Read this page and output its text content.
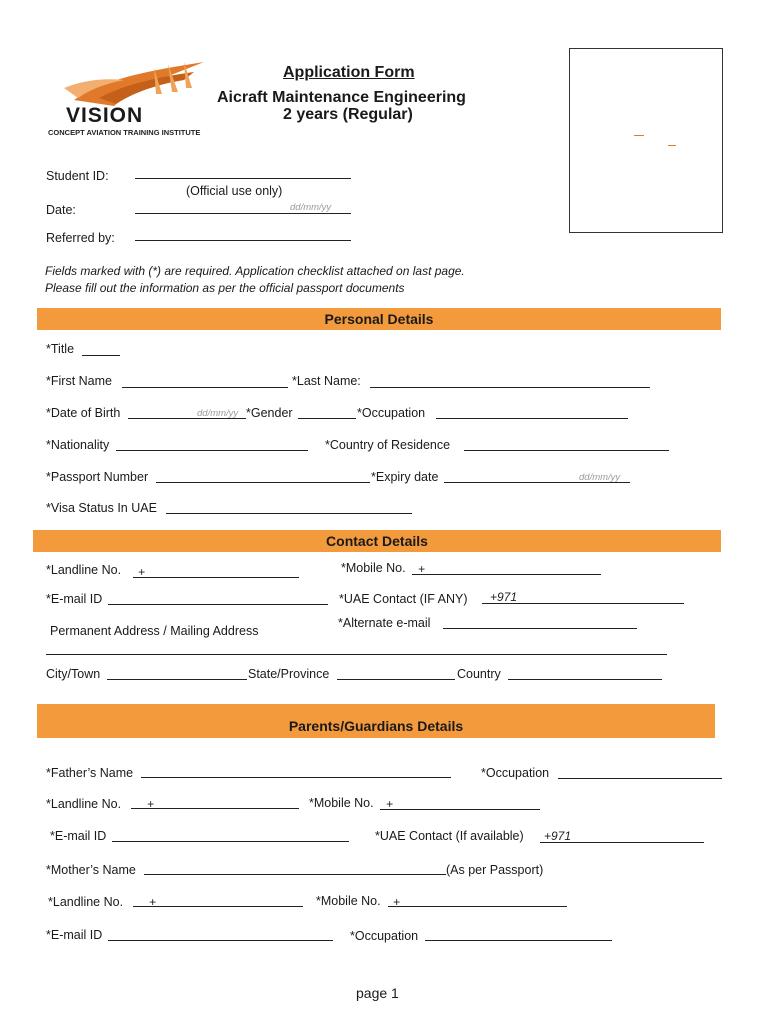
VISION
CONCEPT AVIATION TRAINING INSTITUTE
Application Form
Aicraft Maintenance Engineering
2 years (Regular)
Student ID:
(Official use only)
Date:	dd/mm/yy
Referred by:
Fields marked with (*) are required. Application checklist attached on last page.
Please fill out the information as per the official passport documents
Personal Details
*Title
*First Name	*Last Name:
*Date of Birth	dd/mm/yy *Gender	*Occupation
*Nationality	*Country of Residence
*Passport Number	*Expiry date	dd/mm/yy
*Visa Status In UAE
Contact Details
*Landline No. +	*Mobile No. +
*E-mail ID	*UAE Contact (IF ANY) +971
Permanent Address / Mailing Address
*Alternate e-mail
City/Town	State/Province	Country
Parents/Guardians Details
*Father’s Name	*Occupation
*Landline No. +	*Mobile No. +
*E-mail ID	*UAE Contact (If available) +971
*Mother’s Name	(As per Passport)
*Landline No. +	*Mobile No. +
*E-mail ID	*Occupation
page 1
